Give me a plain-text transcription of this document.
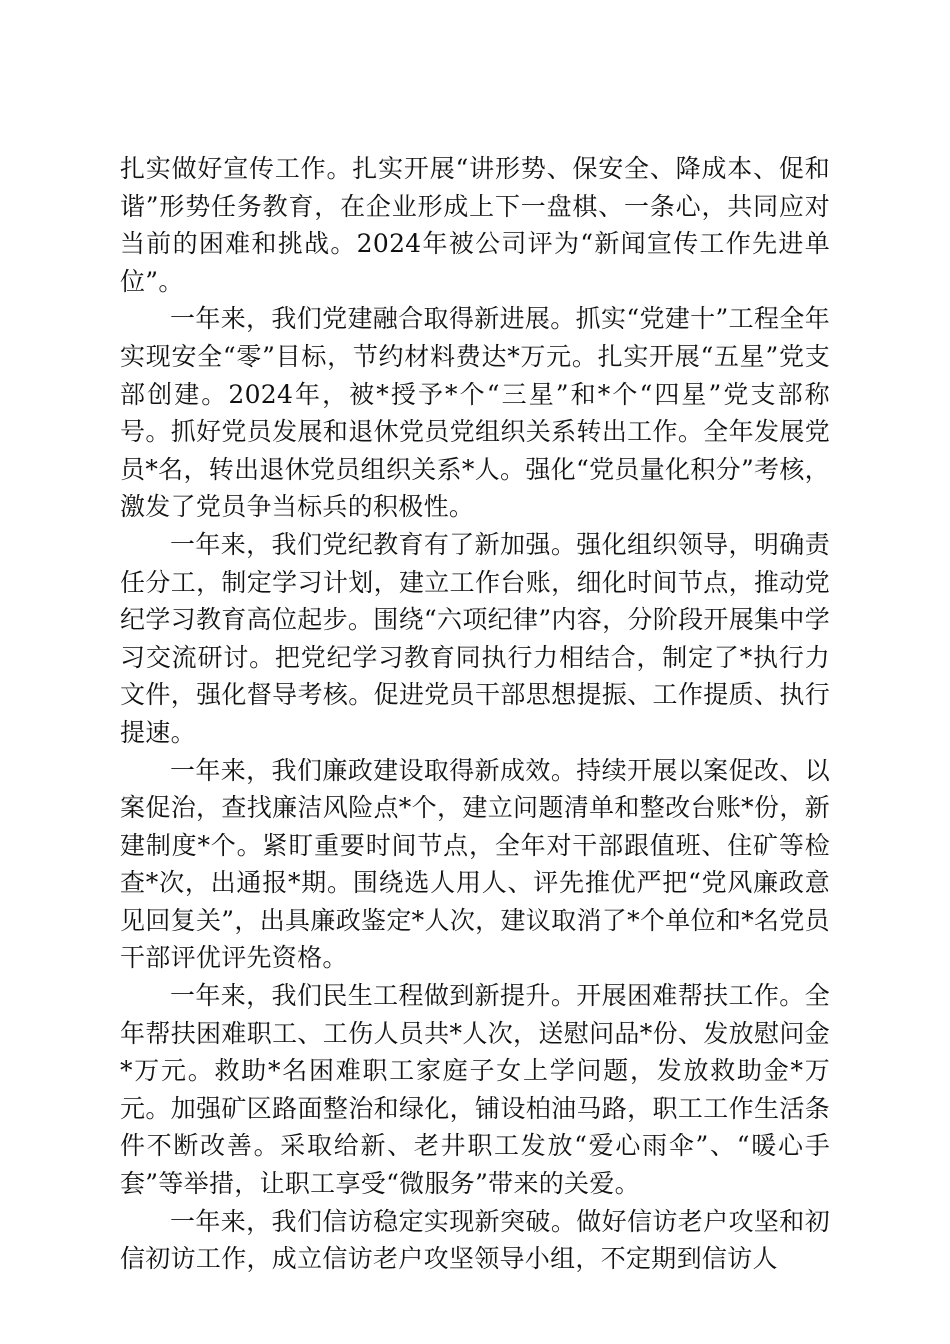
扎实做好宣传工作。扎实开展“讲形势、保安全、降成本、促和谐”形势任务教育，在企业形成上下一盘棋、一条心，共同应对当前的困难和挑战。2024年被公司评为“新闻宣传工作先进单位”。

一年来，我们党建融合取得新进展。抓实“党建十”工程全年实现安全“零”目标，节约材料费达*万元。扎实开展“五星”党支部创建。2024年，被*授予*个“三星”和*个“四星”党支部称号。抓好党员发展和退休党员党组织关系转出工作。全年发展党员*名，转出退休党员组织关系*人。强化“党员量化积分”考核，激发了党员争当标兵的积极性。

一年来，我们党纪教育有了新加强。强化组织领导，明确责任分工，制定学习计划，建立工作台账，细化时间节点，推动党纪学习教育高位起步。围绕“六项纪律”内容，分阶段开展集中学习交流研讨。把党纪学习教育同执行力相结合，制定了*执行力文件，强化督导考核。促进党员干部思想提振、工作提质、执行提速。

一年来，我们廉政建设取得新成效。持续开展以案促改、以案促治，查找廉洁风险点*个，建立问题清单和整改台账*份，新建制度*个。紧盯重要时间节点，全年对干部跟值班、住矿等检查*次，出通报*期。围绕选人用人、评先推优严把“党风廉政意见回复关”，出具廉政鉴定*人次，建议取消了*个单位和*名党员干部评优评先资格。

一年来，我们民生工程做到新提升。开展困难帮扶工作。全年帮扶困难职工、工伤人员共*人次，送慰问品*份、发放慰问金*万元。救助*名困难职工家庭子女上学问题，发放救助金*万元。加强矿区路面整治和绿化，铺设柏油马路，职工工作生活条件不断改善。采取给新、老井职工发放“爱心雨伞”、“暖心手套”等举措，让职工享受“微服务”带来的关爱。

一年来，我们信访稳定实现新突破。做好信访老户攻坚和初信初访工作，成立信访老户攻坚领导小组，不定期到信访人
